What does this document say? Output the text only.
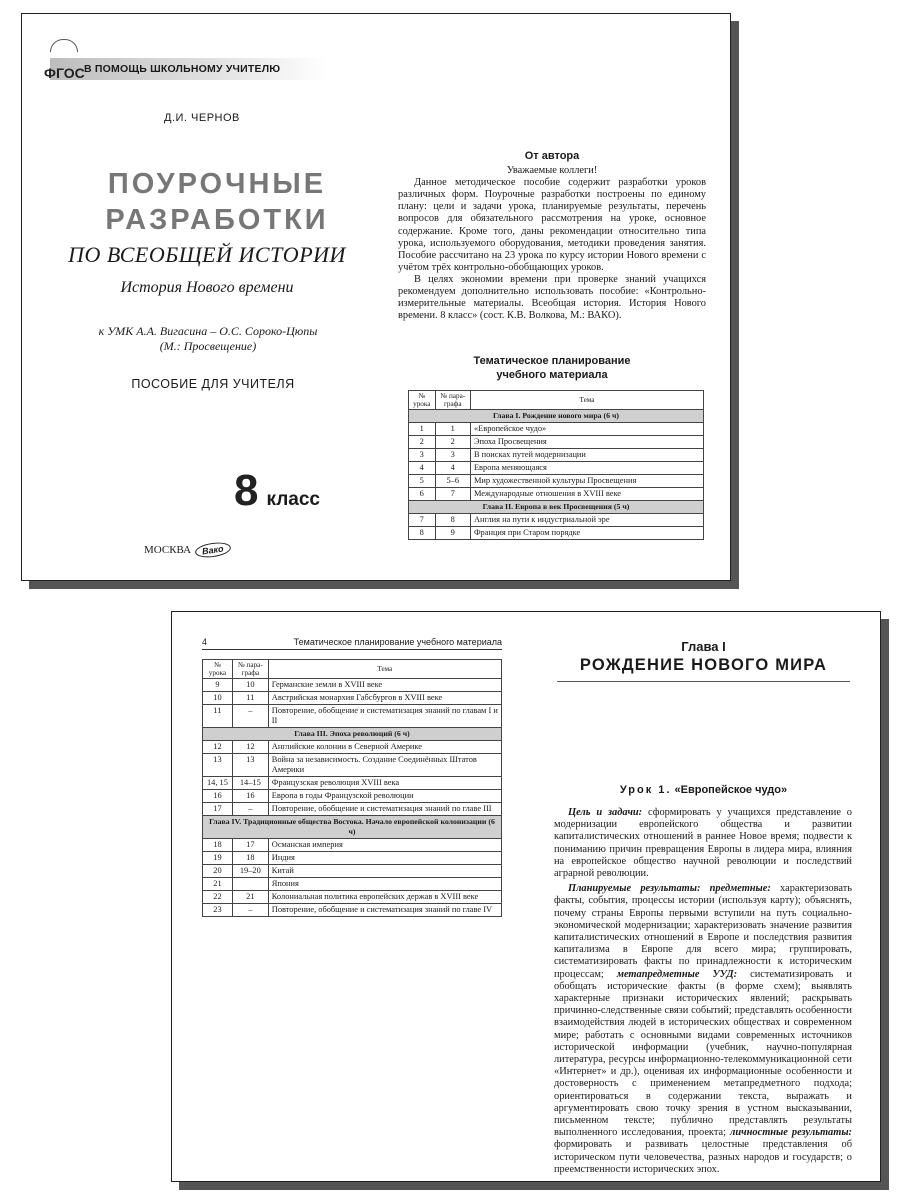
ФГОС В ПОМОЩЬ ШКОЛЬНОМУ УЧИТЕЛЮ
Д.И. ЧЕРНОВ
ПОУРОЧНЫЕ
РАЗРАБОТКИ
ПО ВСЕОБЩЕЙ ИСТОРИИ
История Нового времени
к УМК А.А. Вигасина – О.С. Сороко-Цюпы
(М.: Просвещение)
ПОСОБИЕ ДЛЯ УЧИТЕЛЯ
8 класс
МОСКВА	Вако
От автора
Уважаемые коллеги!

Данное методическое пособие содержит разработки уроков различных форм. Поурочные разработки построены по единому плану: цели и задачи урока, планируемые результаты, перечень вопросов для обязательного рассмотрения на уроке, основное содержание. Кроме того, даны рекомендации относительно типа урока, используемого оборудования, методики проведения занятия. Пособие рассчитано на 23 урока по курсу истории Нового времени с учётом трёх контрольно-обобщающих уроков.

В целях экономии времени при проверке знаний учащихся рекомендуем дополнительно использовать пособие: «Контрольно-измерительные материалы. Всеобщая история. История Нового времени. 8 класс» (сост. К.В. Волкова, М.: ВАКО).

Тематическое планирование
учебного материала
№ урока	№ пара-графа	Тема
Глава I. Рождение нового мира (6 ч)		
1	1	«Европейское чудо»
2	2	Эпоха Просвещения
3	3	В поисках путей модернизации
4	4	Европа меняющаяся
5	5–6	Мир художественной культуры Просвещения
6	7	Международные отношения в XVIII веке
Глава II. Европа в век Просвещения (5 ч)		
7	8	Англия на пути к индустриальной эре
8	9	Франция при Старом порядке
4	Тематическое планирование учебного материала
№ урока	№ пара-графа	Тема
9	10	Германские земли в XVIII веке
10	11	Австрийская монархия Габсбургов в XVIII веке
11	–	Повторение, обобщение и систематизация знаний по главам I и II
Глава III. Эпоха революций (6 ч)		
12	12	Английские колонии в Северной Америке
13	13	Война за независимость. Создание Соединённых Штатов Америки
14, 15	14–15	Французская революция XVIII века
16	16	Европа в годы Французской революции
17	–	Повторение, обобщение и систематизация знаний по главе III
Глава IV. Традиционные общества Востока. Начало европейской колонизации (6 ч)		
18	17	Османская империя
19	18	Индия
20	19–20	Китай
21		Япония
22	21	Колониальная политика европейских держав в XVIII веке
23	–	Повторение, обобщение и систематизация знаний по главе IV
Глава I
РОЖДЕНИЕ НОВОГО МИРА
Урок 1. «Европейское чудо»

Цель и задачи: сформировать у учащихся представление о модернизации европейского общества и развитии капиталистических отношений в раннее Новое время; подвести к пониманию причин превращения Европы в лидера мира, влияния на европейское общество научной революции и последствий аграрной революции.

Планируемые результаты: предметные: характеризовать факты, события, процессы истории (используя карту); объяснять, почему страны Европы первыми вступили на путь социально-экономической модернизации; характеризовать значение развития капиталистических отношений в Европе и последствия развития капитализма в Европе для всего мира; группировать, систематизировать факты по принадлежности к историческим процессам; метапредметные УУД: систематизировать и обобщать исторические факты (в форме схем); выявлять характерные признаки исторических явлений; раскрывать причинно-следственные связи событий; представлять особенности взаимодействия людей в исторических обществах и современном мире; работать с основными видами современных источников исторической информации (учебник, научно-популярная литература, ресурсы информационно-телекоммуникационной сети «Интернет» и др.), оценивая их информационные особенности и достоверность с применением метапредметного подхода; ориентироваться в содержании текста, выражать и аргументировать свою точку зрения в устном высказывании, письменном тексте; публично представлять результаты выполненного исследования, проекта; личностные результаты: формировать и развивать целостные представления об историческом пути человечества, разных народов и государств; о преемственности исторических эпох.
